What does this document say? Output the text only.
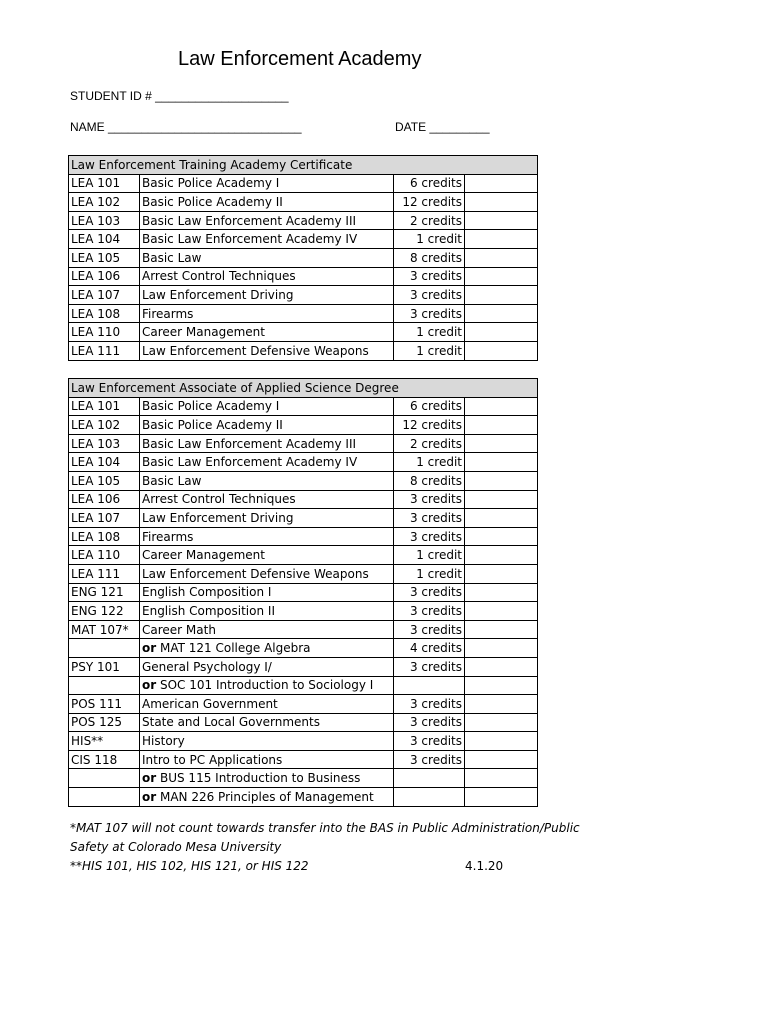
Law Enforcement Academy
STUDENT ID # ____________________
NAME _____________________________	DATE _________
Law Enforcement Training Academy Certificate			
LEA 101	Basic Police Academy I	6 credits	
LEA 102	Basic Police Academy II	12 credits	
LEA 103	Basic Law Enforcement Academy III	2 credits	
LEA 104	Basic Law Enforcement Academy IV	1 credit	
LEA 105	Basic Law	8 credits	
LEA 106	Arrest Control Techniques	3 credits	
LEA 107	Law Enforcement Driving	3 credits	
LEA 108	Firearms	3 credits	
LEA 110	Career Management	1 credit	
LEA 111	Law Enforcement Defensive Weapons	1 credit	
Law Enforcement Associate of Applied Science Degree			
LEA 101	Basic Police Academy I	6 credits	
LEA 102	Basic Police Academy II	12 credits	
LEA 103	Basic Law Enforcement Academy III	2 credits	
LEA 104	Basic Law Enforcement Academy IV	1 credit	
LEA 105	Basic Law	8 credits	
LEA 106	Arrest Control Techniques	3 credits	
LEA 107	Law Enforcement Driving	3 credits	
LEA 108	Firearms	3 credits	
LEA 110	Career Management	1 credit	
LEA 111	Law Enforcement Defensive Weapons	1 credit	
ENG 121	English Composition I	3 credits	
ENG 122	English Composition II	3 credits	
MAT 107*	Career Math	3 credits	
	or MAT 121 College Algebra	4 credits	
PSY 101	General Psychology I/	3 credits	
	or SOC 101 Introduction to Sociology I		
POS 111	American Government	3 credits	
POS 125	State and Local Governments	3 credits	
HIS**	History	3 credits	
CIS 118	Intro to PC Applications	3 credits	
	or BUS 115 Introduction to Business		
	or MAN 226 Principles of Management		
*MAT 107 will not count towards transfer into the BAS in Public Administration/Public
Safety at Colorado Mesa University
**HIS 101, HIS 102, HIS 121, or HIS 122	4.1.20
